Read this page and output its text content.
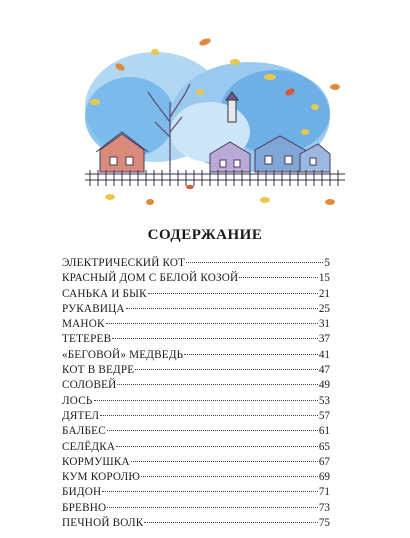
СОДЕРЖАНИЕ
ЭЛЕКТРИЧЕСКИЙ КОТ	5
КРАСНЫЙ ДОМ С БЕЛОЙ КОЗОЙ	15
САНЬКА И БЫК	21
РУКАВИЦА	25
МАНОК	31
ТЕТЕРЕВ	37
«БЕГОВОЙ» МЕДВЕДЬ	41
КОТ В ВЕДРЕ	47
СОЛОВЕЙ	49
ЛОСЬ	53
ДЯТЕЛ	57
БАЛБЕС	61
СЕЛЁДКА	65
КОРМУШКА	67
КУМ КОРОЛЮ	69
БИДОН	71
БРЕВНО	73
ПЕЧНОЙ ВОЛК	75
